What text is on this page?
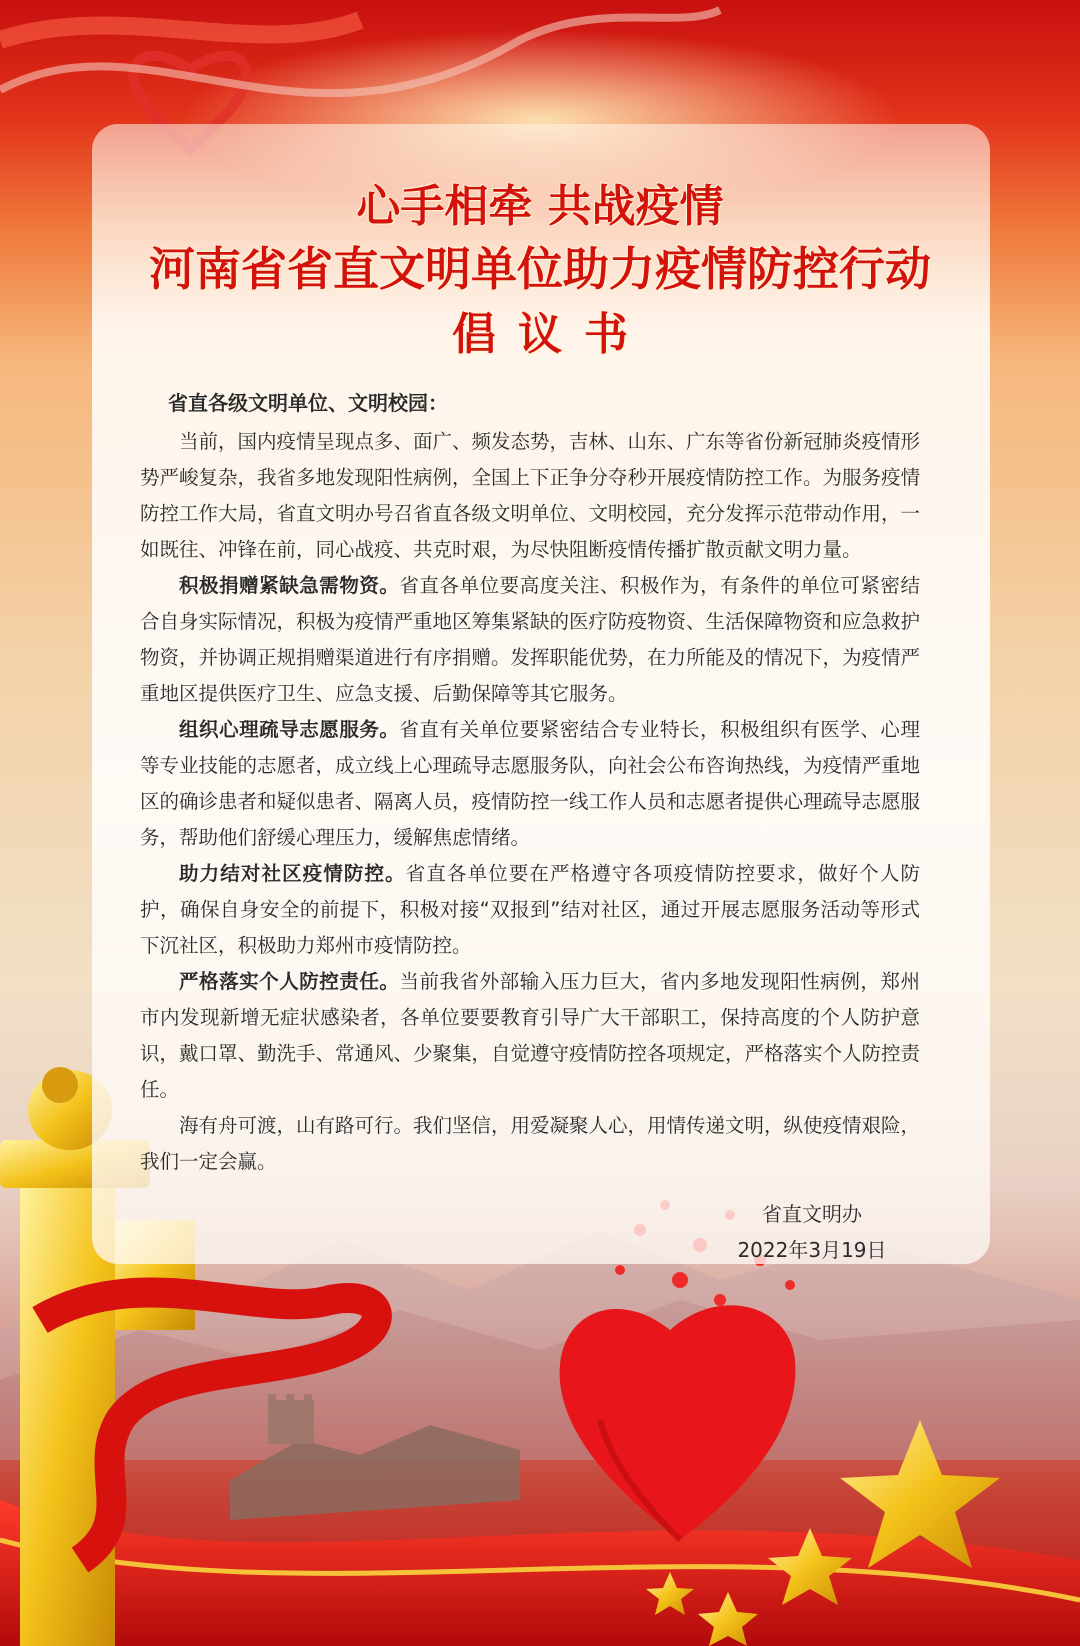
心手相牵 共战疫情
河南省省直文明单位助力疫情防控行动
倡议书

省直各级文明单位、文明校园：

当前，国内疫情呈现点多、面广、频发态势，吉林、山东、广东等省份新冠肺炎疫情形势严峻复杂，我省多地发现阳性病例，全国上下正争分夺秒开展疫情防控工作。为服务疫情防控工作大局，省直文明办号召省直各级文明单位、文明校园，充分发挥示范带动作用，一如既往、冲锋在前，同心战疫、共克时艰，为尽快阻断疫情传播扩散贡献文明力量。

积极捐赠紧缺急需物资。省直各单位要高度关注、积极作为，有条件的单位可紧密结合自身实际情况，积极为疫情严重地区筹集紧缺的医疗防疫物资、生活保障物资和应急救护物资，并协调正规捐赠渠道进行有序捐赠。发挥职能优势，在力所能及的情况下，为疫情严重地区提供医疗卫生、应急支援、后勤保障等其它服务。

组织心理疏导志愿服务。省直有关单位要紧密结合专业特长，积极组织有医学、心理等专业技能的志愿者，成立线上心理疏导志愿服务队，向社会公布咨询热线，为疫情严重地区的确诊患者和疑似患者、隔离人员，疫情防控一线工作人员和志愿者提供心理疏导志愿服务，帮助他们舒缓心理压力，缓解焦虑情绪。

助力结对社区疫情防控。省直各单位要在严格遵守各项疫情防控要求，做好个人防护，确保自身安全的前提下，积极对接“双报到”结对社区，通过开展志愿服务活动等形式下沉社区，积极助力郑州市疫情防控。

严格落实个人防控责任。当前我省外部输入压力巨大，省内多地发现阳性病例，郑州市内发现新增无症状感染者，各单位要要教育引导广大干部职工，保持高度的个人防护意识，戴口罩、勤洗手、常通风、少聚集，自觉遵守疫情防控各项规定，严格落实个人防控责任。

海有舟可渡，山有路可行。我们坚信，用爱凝聚人心，用情传递文明，纵使疫情艰险，我们一定会赢。

省直文明办
2022年3月19日
